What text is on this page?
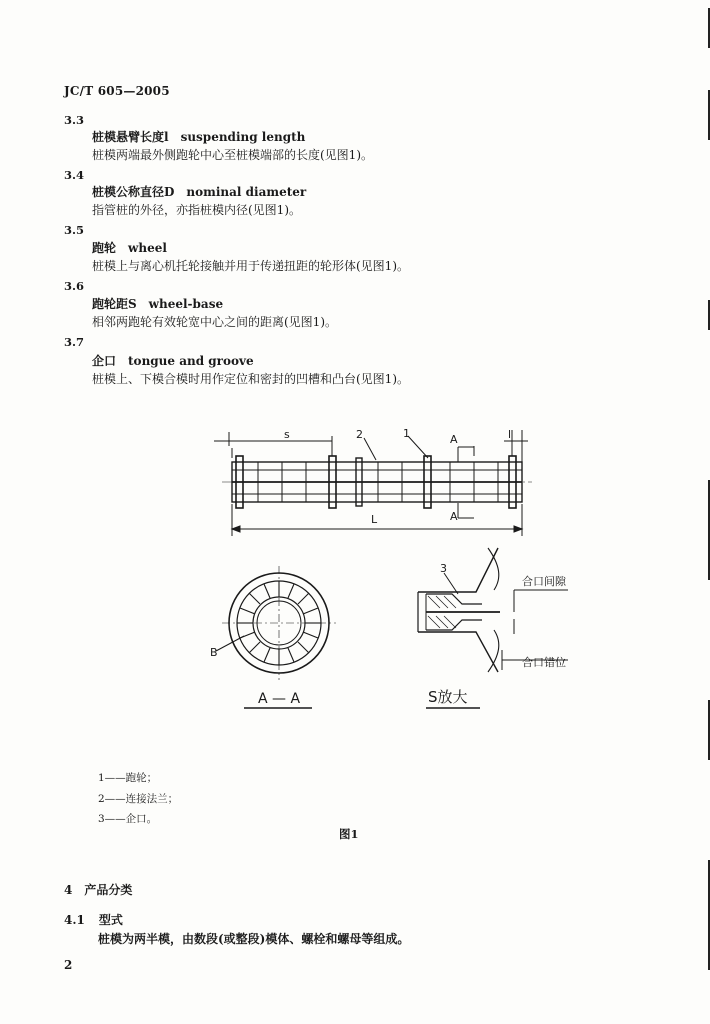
JC/T 605—2005
3.3
桩模悬臂长度l suspending length
桩模两端最外侧跑轮中心至桩模端部的长度(见图1)。
3.4
桩模公称直径D nominal diameter
指管桩的外径，亦指桩模内径(见图1)。
3.5
跑轮 wheel
桩模上与离心机托轮接触并用于传递扭距的轮形体(见图1)。
3.6
跑轮距S wheel-base
相邻两跑轮有效轮宽中心之间的距离(见图1)。
3.7
企口 tongue and groove
桩模上、下模合模时用作定位和密封的凹槽和凸台(见图1)。
s	2	1	A
A
l
L
B
A — A
3
合口间隙
合口错位
S放大
1——跑轮；
2——连接法兰；
3——企口。
图1
4　产品分类
4.1 型式
桩模为两半模，由数段(或整段)模体、螺栓和螺母等组成。
2
